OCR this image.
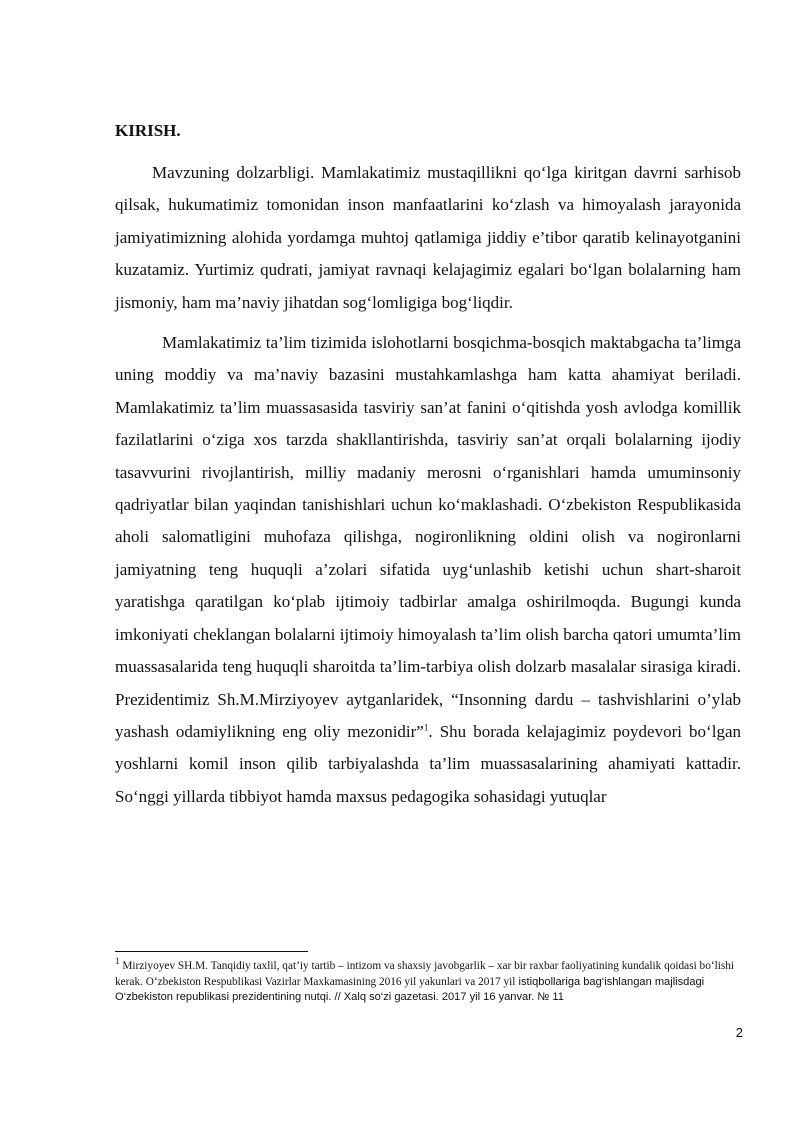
KIRISH.

Mavzuning dolzarbligi. Mamlakatimiz mustaqillikni qo‘lga kiritgan davrni sarhisob qilsak, hukumatimiz tomonidan inson manfaatlarini ko‘zlash va himoyalash jarayonida jamiyatimizning alohida yordamga muhtoj qatlamiga jiddiy e’tibor qaratib kelinayotganini kuzatamiz. Yurtimiz qudrati, jamiyat ravnaqi kelajagimiz egalari bo‘lgan bolalarning ham jismoniy, ham ma’naviy jihatdan sog‘lomligiga bog‘liqdir.

Mamlakatimiz ta’lim tizimida islohotlarni bosqichma-bosqich maktabgacha ta’limga uning moddiy va ma’naviy bazasini mustahkamlashga ham katta ahamiyat beriladi. Mamlakatimiz ta’lim muassasasida tasviriy san’at fanini o‘qitishda yosh avlodga komillik fazilatlarini o‘ziga xos tarzda shakllantirishda, tasviriy san’at orqali bolalarning ijodiy tasavvurini rivojlantirish, milliy madaniy merosni o‘rganishlari hamda umuminsoniy qadriyatlar bilan yaqindan tanishishlari uchun ko‘maklashadi. O‘zbekiston Respublikasida aholi salomatligini muhofaza qilishga, nogironlikning oldini olish va nogironlarni jamiyatning teng huquqli a’zolari sifatida uyg‘unlashib ketishi uchun shart-sharoit yaratishga qaratilgan ko‘plab ijtimoiy tadbirlar amalga oshirilmoqda. Bugungi kunda imkoniyati cheklangan bolalarni ijtimoiy himoyalash ta’lim olish barcha qatori umumta’lim muassasalarida teng huquqli sharoitda ta’lim-tarbiya olish dolzarb masalalar sirasiga kiradi. Prezidentimiz Sh.M.Mirziyoyev aytganlaridek, “Insonning dardu – tashvishlarini o’ylab yashash odamiylikning eng oliy mezonidir”$^1$. Shu borada kelajagimiz poydevori bo‘lgan yoshlarni komil inson qilib tarbiyalashda ta’lim muassasalarining ahamiyati kattadir. So‘nggi yillarda tibbiyot hamda maxsus pedagogika sohasidagi yutuqlar

$^1$ Mirziyoyev SH.M. Tanqidiy taxlil, qat’iy tartib – intizom va shaxsiy javobgarlik – xar bir raxbar faoliyatining kundalik qoidasi bo‘lishi kerak. O‘zbekiston Respublikasi Vazirlar Maxkamasining 2016 yil yakunlari va 2017 yil istiqbollariga bag‘ishlangan majlisdagi O‘zbekiston republikasi prezidentining nutqi. // Xalq so‘zi gazetasi. 2017 yil 16 yanvar. № 11

2
